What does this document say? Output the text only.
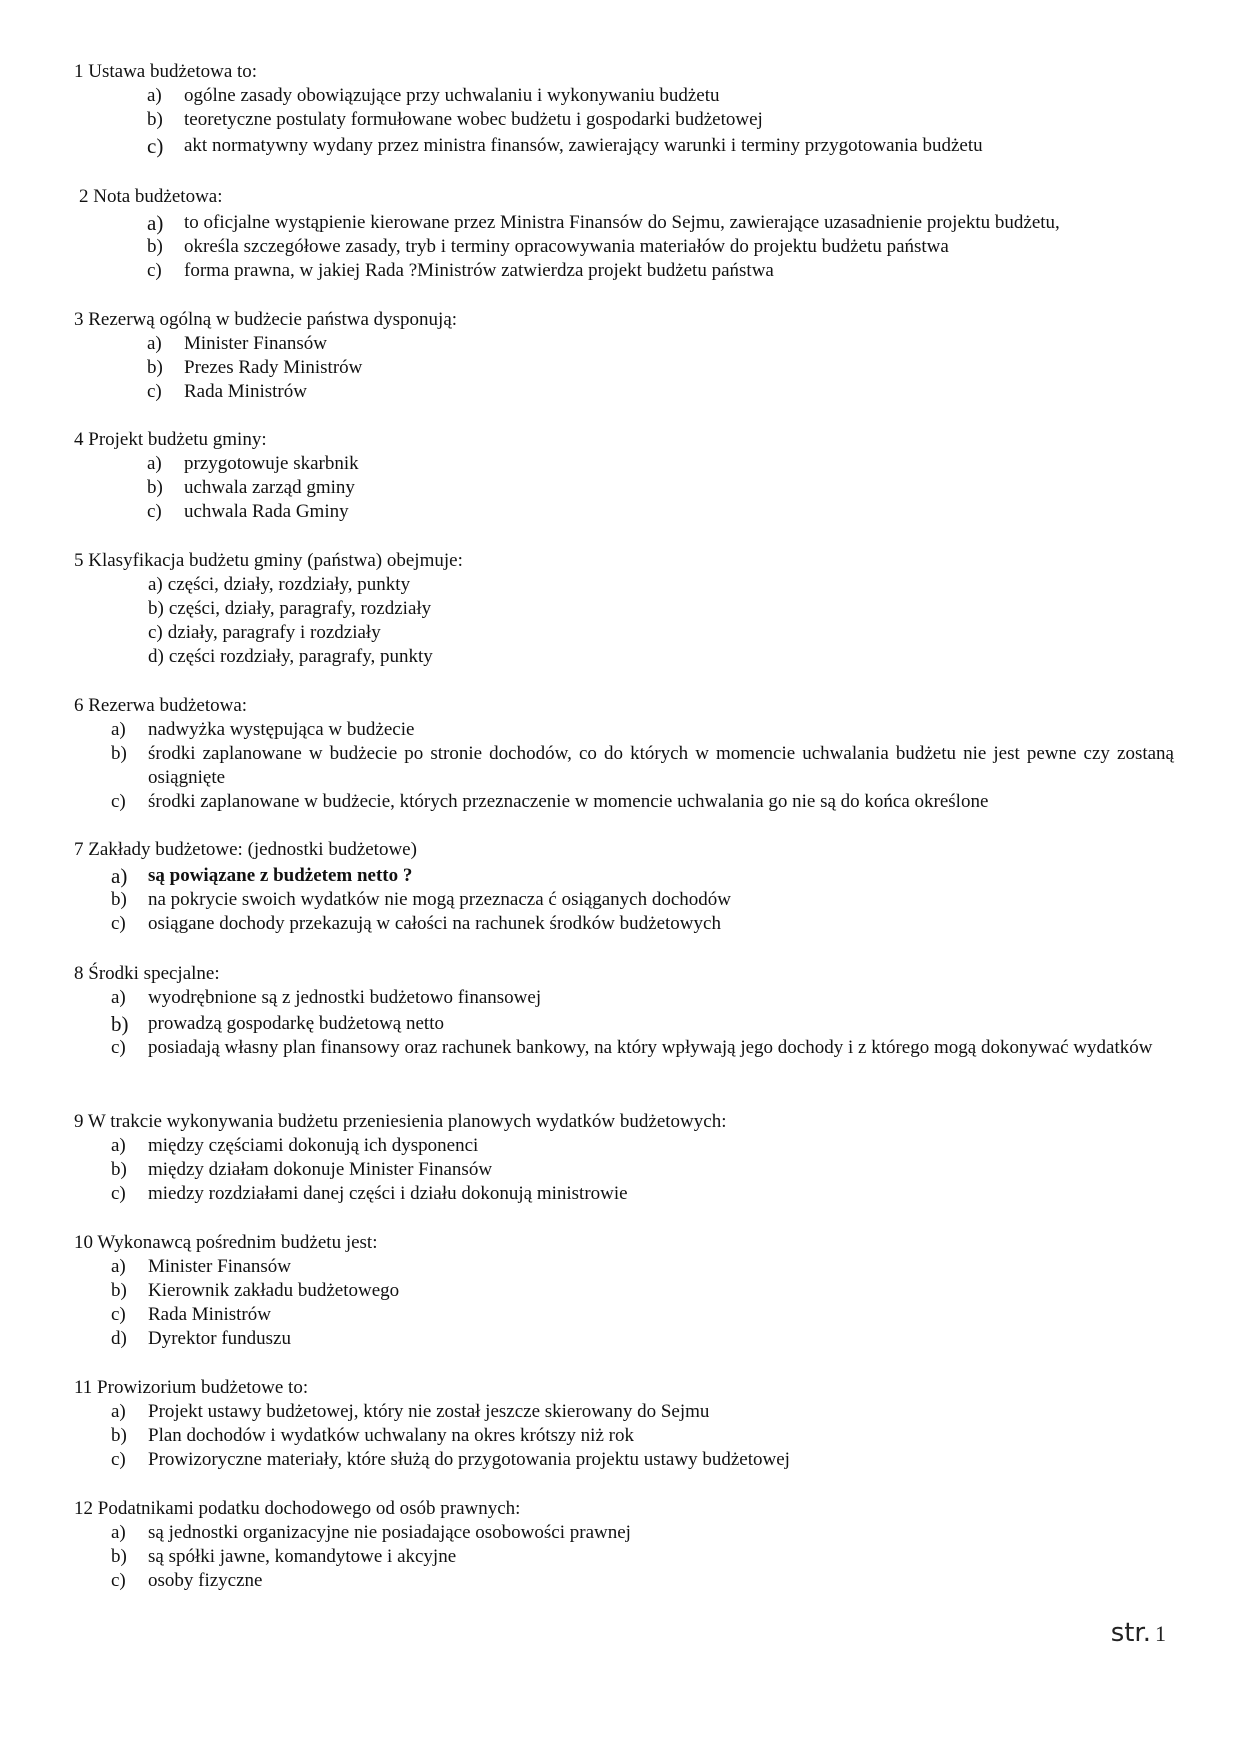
1 Ustawa budżetowa to:

a) ogólne zasady obowiązujące przy uchwalaniu i wykonywaniu budżetu
b) teoretyczne postulaty formułowane wobec budżetu i gospodarki budżetowej
c) akt normatywny wydany przez ministra finansów, zawierający warunki i terminy przygotowania budżetu

2 Nota budżetowa:

a) to oficjalne wystąpienie kierowane przez Ministra Finansów do Sejmu, zawierające uzasadnienie projektu budżetu,
b) określa szczegółowe zasady, tryb i terminy opracowywania materiałów do projektu budżetu państwa
c) forma prawna, w jakiej Rada ?Ministrów zatwierdza projekt budżetu państwa

3 Rezerwą ogólną w budżecie państwa dysponują:

a) Minister Finansów
b) Prezes Rady Ministrów
c) Rada Ministrów

4 Projekt budżetu gminy:

a) przygotowuje skarbnik
b) uchwala zarząd gminy
c) uchwala Rada Gminy

5 Klasyfikacja budżetu gminy (państwa) obejmuje:

a) części, działy, rozdziały, punkty
b) części, działy, paragrafy, rozdziały
c) działy, paragrafy i rozdziały
d) części rozdziały, paragrafy, punkty

6 Rezerwa budżetowa:

a) nadwyżka występująca w budżecie
b) środki zaplanowane w budżecie po stronie dochodów, co do których w momencie uchwalania budżetu nie jest pewne czy zostaną osiągnięte
c) środki zaplanowane w budżecie, których przeznaczenie w momencie uchwalania go nie są do końca określone

7 Zakłady budżetowe: (jednostki budżetowe)

a) są powiązane z budżetem netto ?
b) na pokrycie swoich wydatków nie mogą przeznacza ć osiąganych dochodów
c) osiągane dochody przekazują w całości na rachunek środków budżetowych

8 Środki specjalne:

a) wyodrębnione są z jednostki budżetowo finansowej
b) prowadzą gospodarkę budżetową netto
c) posiadają własny plan finansowy oraz rachunek bankowy, na który wpływają jego dochody i z którego mogą dokonywać wydatków

9 W trakcie wykonywania budżetu przeniesienia planowych wydatków budżetowych:

a) między częściami dokonują ich dysponenci
b) między działam dokonuje Minister Finansów
c) miedzy rozdziałami danej części i działu dokonują ministrowie

10 Wykonawcą pośrednim budżetu jest:

a) Minister Finansów
b) Kierownik zakładu budżetowego
c) Rada Ministrów
d) Dyrektor funduszu

11 Prowizorium budżetowe to:

a) Projekt ustawy budżetowej, który nie został jeszcze skierowany do Sejmu
b) Plan dochodów i wydatków uchwalany na okres krótszy niż rok
c) Prowizoryczne materiały, które służą do przygotowania projektu ustawy budżetowej

12 Podatnikami podatku dochodowego od osób prawnych:

a) są jednostki organizacyjne nie posiadające osobowości prawnej
b) są spółki jawne, komandytowe i akcyjne
c) osoby fizyczne
str. 1
